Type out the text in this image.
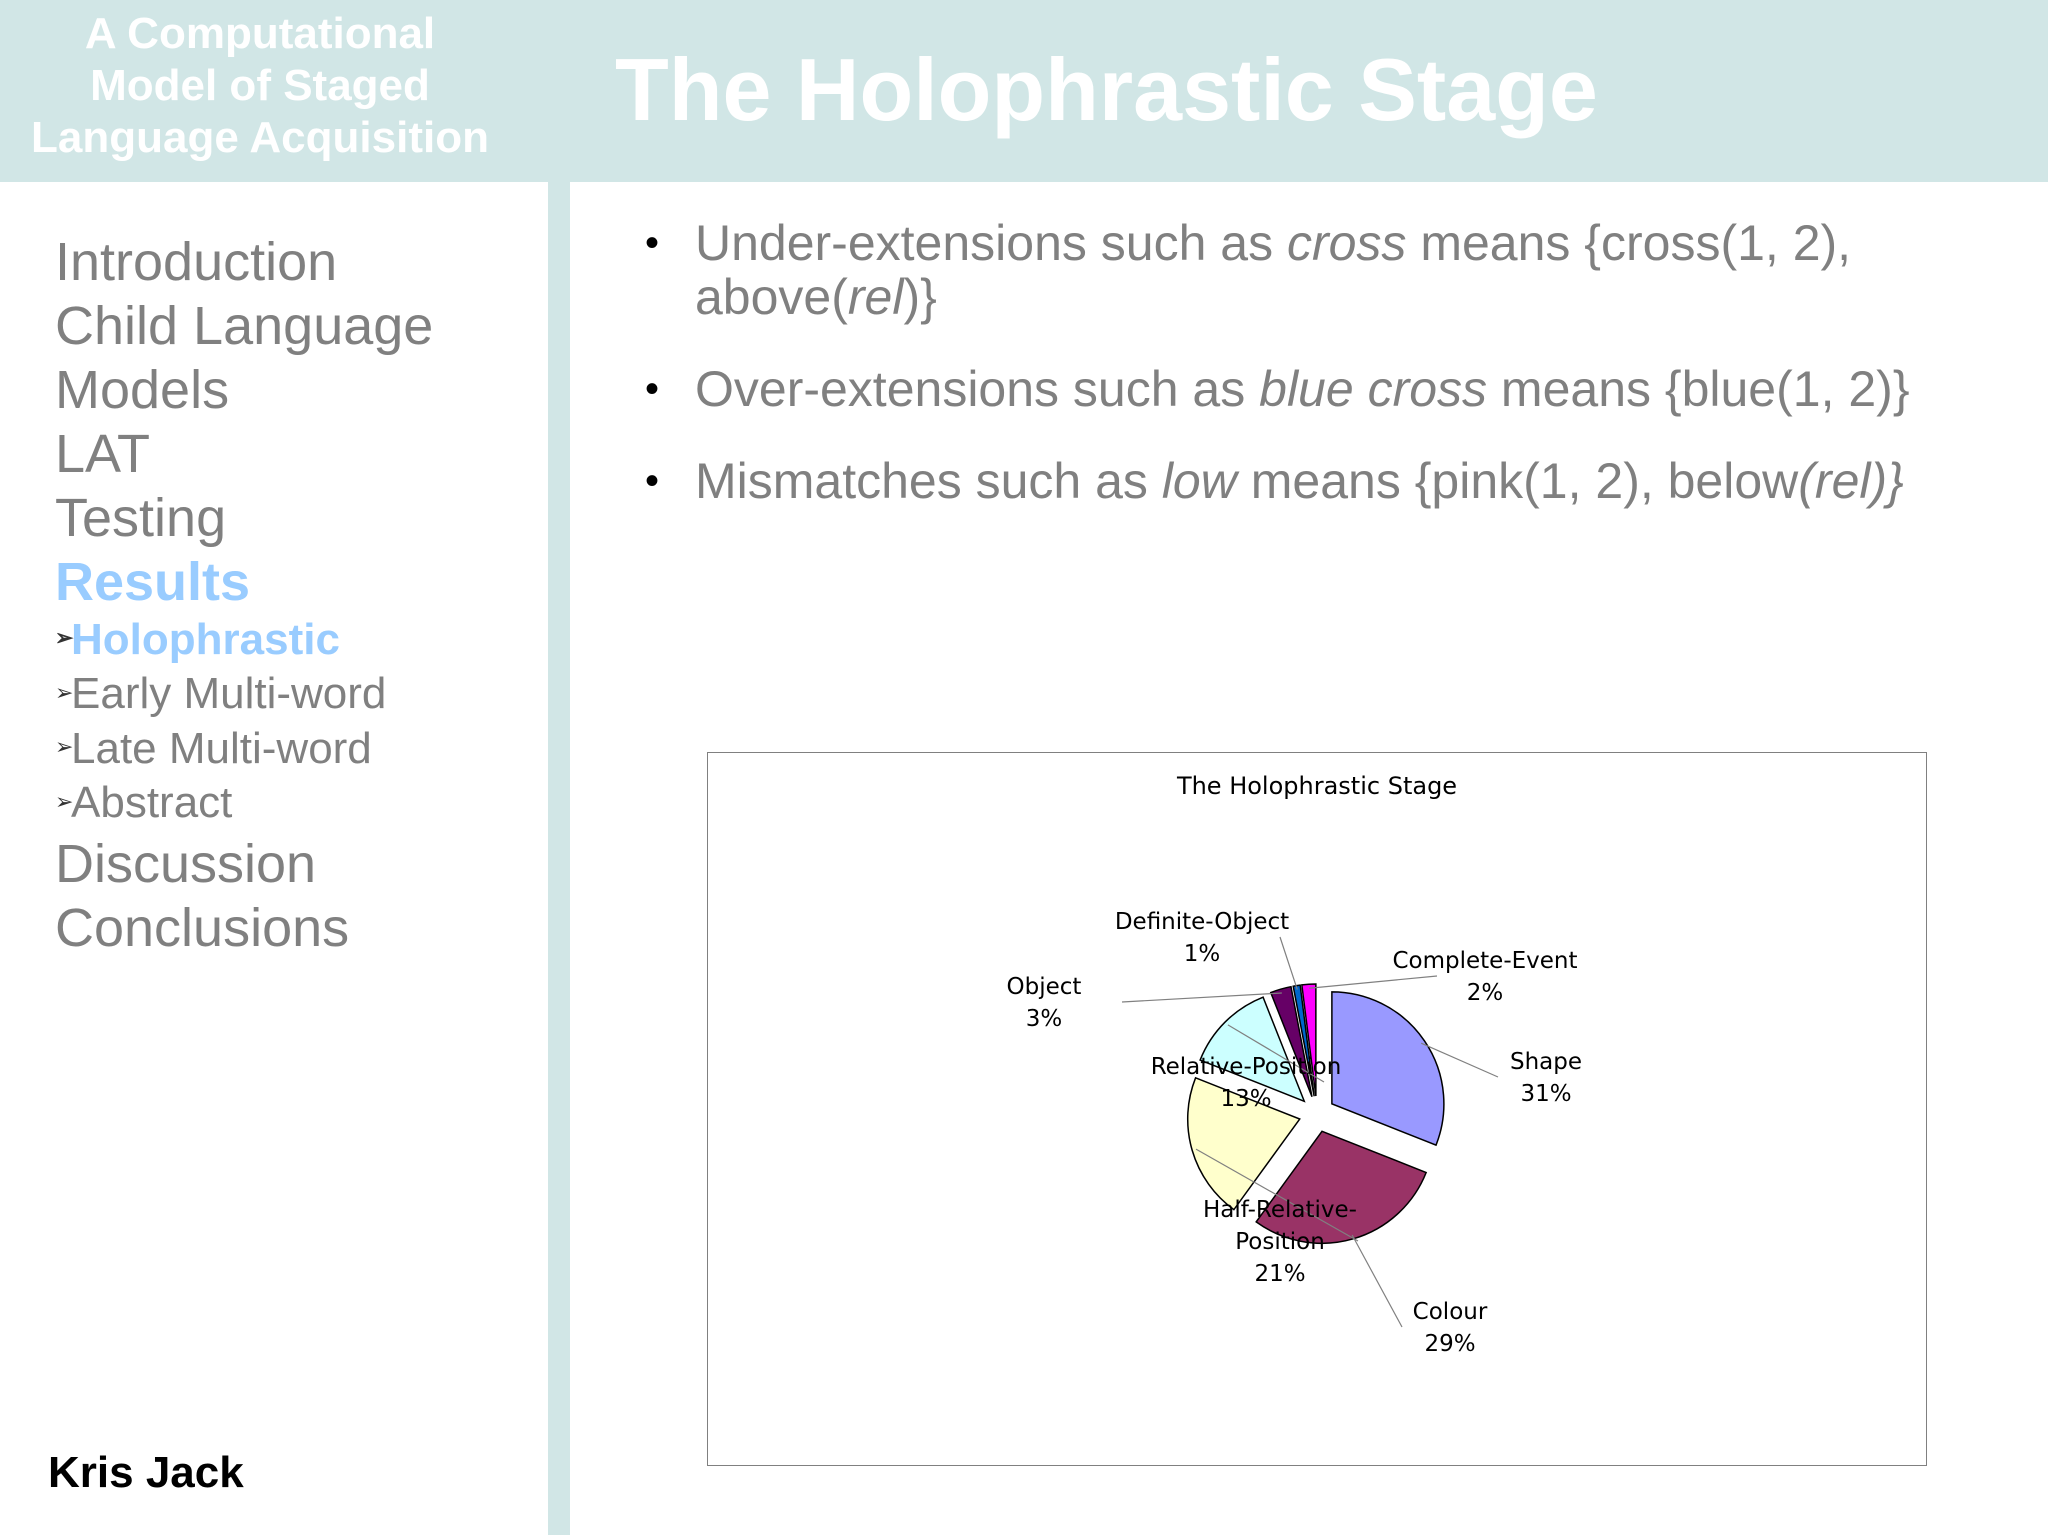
A Computational
Model of Staged
Language Acquisition	The Holophrastic Stage
Introduction
Child Language
Models
LAT
Testing
Results
➢Holophrastic
➢Early Multi-word
➢Late Multi-word
➢Abstract
Discussion
Conclusions
Kris Jack
• Under-extensions such as cross means {cross(1, 2), above(rel)}
• Over-extensions such as blue cross means {blue(1, 2)}
• Mismatches such as low means {pink(1, 2), below(rel)}
The Holophrastic Stage
Shape
31%
Colour
29%
Half-Relative-
Position
21%
Relative-Position
13%
Object
3%
Definite-Object
1%	Complete-Event
2%
